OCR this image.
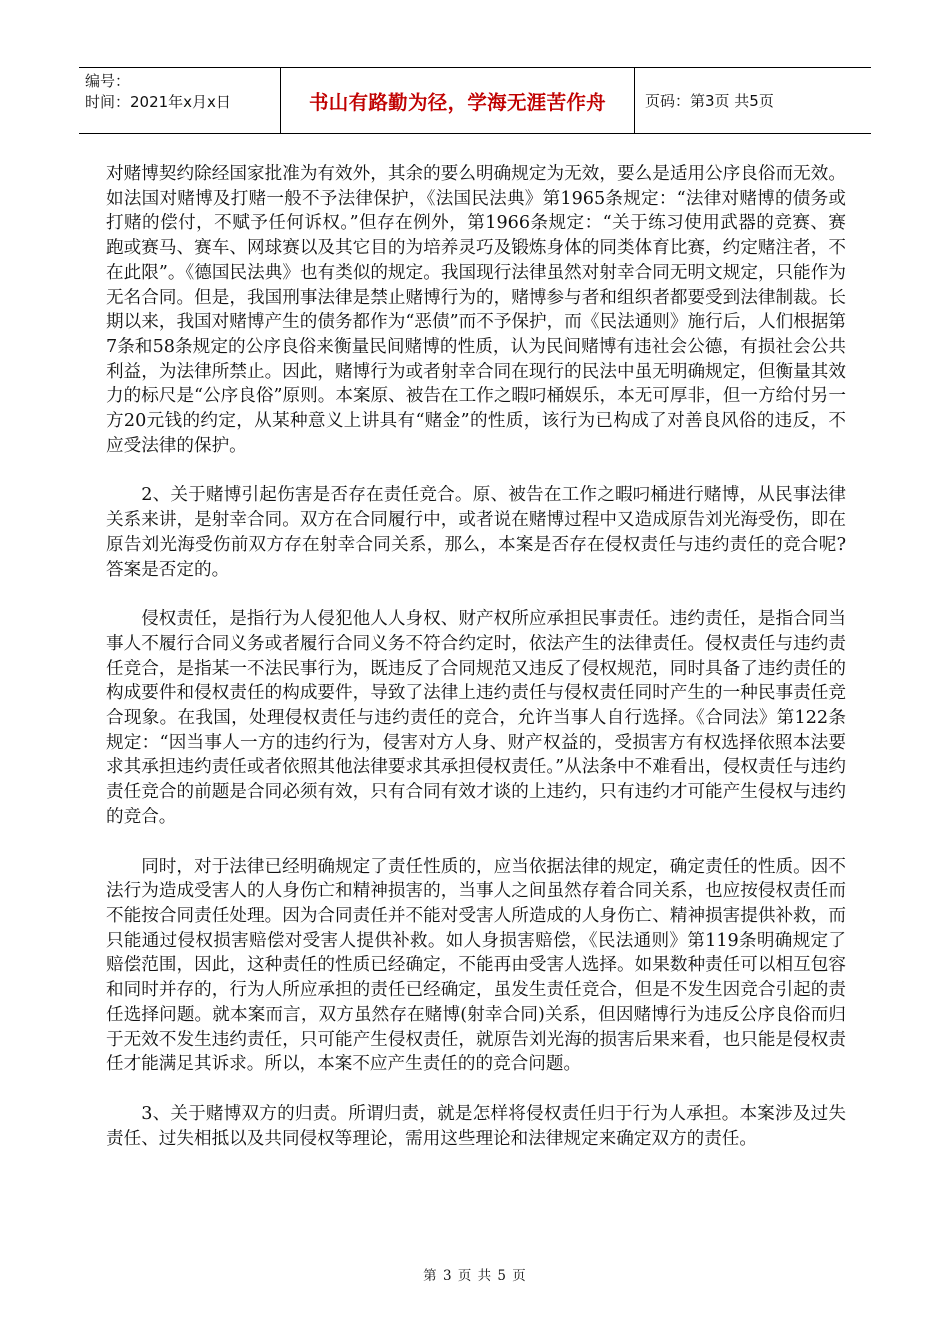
编号：
时间：2021年x月x日	书山有路勤为径，学海无涯苦作舟	页码：第3页 共5页

对赌博契约除经国家批准为有效外，其余的要么明确规定为无效，要么是适用公序良俗而无效。如法国对赌博及打赌一般不予法律保护，《法国民法典》第1965条规定：“法律对赌博的债务或打赌的偿付，不赋予任何诉权。”但存在例外，第1966条规定：“关于练习使用武器的竞赛、赛跑或赛马、赛车、网球赛以及其它目的为培养灵巧及锻炼身体的同类体育比赛，约定赌注者，不在此限”。《德国民法典》也有类似的规定。我国现行法律虽然对射幸合同无明文规定，只能作为无名合同。但是，我国刑事法律是禁止赌博行为的，赌博参与者和组织者都要受到法律制裁。长期以来，我国对赌博产生的债务都作为“恶债”而不予保护，而《民法通则》施行后，人们根据第7条和58条规定的公序良俗来衡量民间赌博的性质，认为民间赌博有违社会公德，有损社会公共利益，为法律所禁止。因此，赌博行为或者射幸合同在现行的民法中虽无明确规定，但衡量其效力的标尺是“公序良俗”原则。本案原、被告在工作之暇叼桶娱乐，本无可厚非，但一方给付另一方20元钱的约定，从某种意义上讲具有“赌金”的性质，该行为已构成了对善良风俗的违反，不应受法律的保护。

2、关于赌博引起伤害是否存在责任竞合。原、被告在工作之暇叼桶进行赌博，从民事法律关系来讲，是射幸合同。双方在合同履行中，或者说在赌博过程中又造成原告刘光海受伤，即在原告刘光海受伤前双方存在射幸合同关系，那么，本案是否存在侵权责任与违约责任的竞合呢?答案是否定的。

侵权责任，是指行为人侵犯他人人身权、财产权所应承担民事责任。违约责任，是指合同当事人不履行合同义务或者履行合同义务不符合约定时，依法产生的法律责任。侵权责任与违约责任竞合，是指某一不法民事行为，既违反了合同规范又违反了侵权规范，同时具备了违约责任的构成要件和侵权责任的构成要件，导致了法律上违约责任与侵权责任同时产生的一种民事责任竞合现象。在我国，处理侵权责任与违约责任的竞合，允许当事人自行选择。《合同法》第122条规定：“因当事人一方的违约行为，侵害对方人身、财产权益的，受损害方有权选择依照本法要求其承担违约责任或者依照其他法律要求其承担侵权责任。”从法条中不难看出，侵权责任与违约责任竞合的前题是合同必须有效，只有合同有效才谈的上违约，只有违约才可能产生侵权与违约的竞合。

同时，对于法律已经明确规定了责任性质的，应当依据法律的规定，确定责任的性质。因不法行为造成受害人的人身伤亡和精神损害的，当事人之间虽然存着合同关系，也应按侵权责任而不能按合同责任处理。因为合同责任并不能对受害人所造成的人身伤亡、精神损害提供补救，而只能通过侵权损害赔偿对受害人提供补救。如人身损害赔偿，《民法通则》第119条明确规定了赔偿范围，因此，这种责任的性质已经确定，不能再由受害人选择。如果数种责任可以相互包容和同时并存的，行为人所应承担的责任已经确定，虽发生责任竞合，但是不发生因竞合引起的责任选择问题。就本案而言，双方虽然存在赌博(射幸合同)关系，但因赌博行为违反公序良俗而归于无效不发生违约责任，只可能产生侵权责任，就原告刘光海的损害后果来看，也只能是侵权责任才能满足其诉求。所以，本案不应产生责任的的竞合问题。

3、关于赌博双方的归责。所谓归责，就是怎样将侵权责任归于行为人承担。本案涉及过失责任、过失相抵以及共同侵权等理论，需用这些理论和法律规定来确定双方的责任。

第 3 页 共 5 页
